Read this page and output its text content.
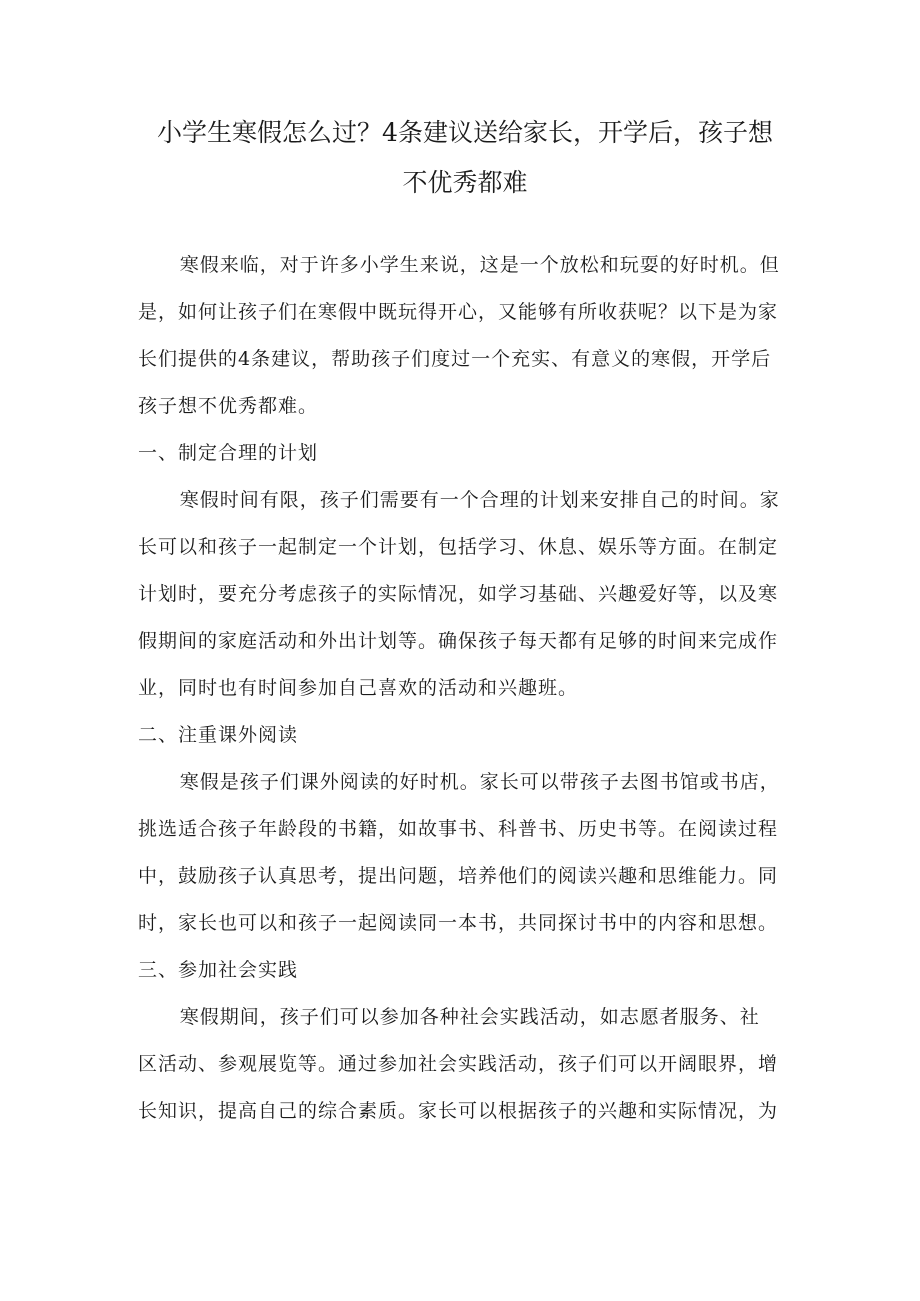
小学生寒假怎么过？4条建议送给家长，开学后，孩子想
不优秀都难

寒假来临，对于许多小学生来说，这是一个放松和玩耍的好时机。但
是，如何让孩子们在寒假中既玩得开心，又能够有所收获呢？以下是为家
长们提供的4条建议，帮助孩子们度过一个充实、有意义的寒假，开学后
孩子想不优秀都难。

一、制定合理的计划

寒假时间有限，孩子们需要有一个合理的计划来安排自己的时间。家
长可以和孩子一起制定一个计划，包括学习、休息、娱乐等方面。在制定
计划时，要充分考虑孩子的实际情况，如学习基础、兴趣爱好等，以及寒
假期间的家庭活动和外出计划等。确保孩子每天都有足够的时间来完成作
业，同时也有时间参加自己喜欢的活动和兴趣班。

二、注重课外阅读

寒假是孩子们课外阅读的好时机。家长可以带孩子去图书馆或书店，
挑选适合孩子年龄段的书籍，如故事书、科普书、历史书等。在阅读过程
中，鼓励孩子认真思考，提出问题，培养他们的阅读兴趣和思维能力。同
时，家长也可以和孩子一起阅读同一本书，共同探讨书中的内容和思想。

三、参加社会实践

寒假期间，孩子们可以参加各种社会实践活动，如志愿者服务、社
区活动、参观展览等。通过参加社会实践活动，孩子们可以开阔眼界，增
长知识，提高自己的综合素质。家长可以根据孩子的兴趣和实际情况，为
